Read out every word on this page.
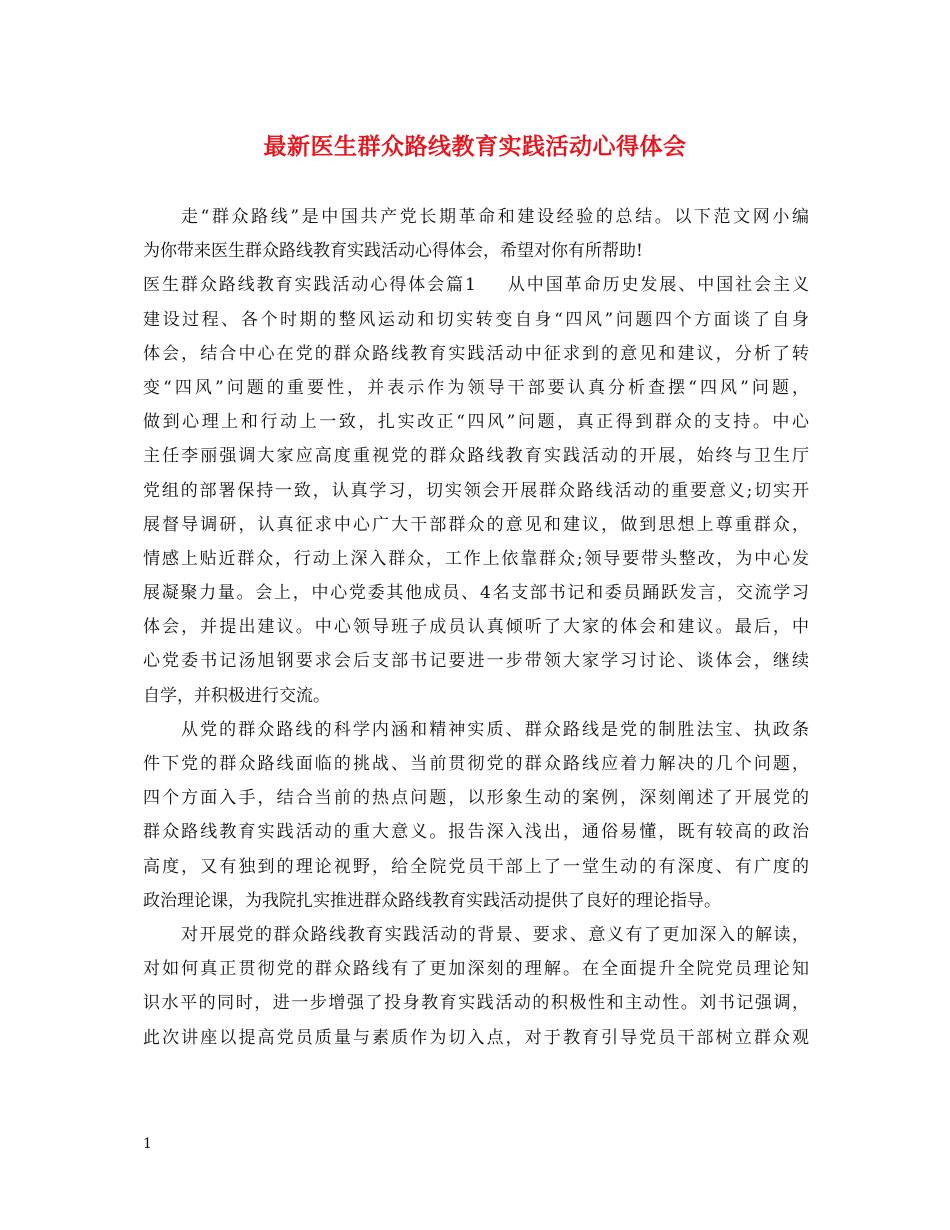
最新医生群众路线教育实践活动心得体会
走“群众路线”是中国共产党长期革命和建设经验的总结。以下范文网小编
为你带来医生群众路线教育实践活动心得体会，希望对你有所帮助!
医生群众路线教育实践活动心得体会篇1 从中国革命历史发展、中国社会主义
建设过程、各个时期的整风运动和切实转变自身“四风”问题四个方面谈了自身
体会，结合中心在党的群众路线教育实践活动中征求到的意见和建议，分析了转
变“四风”问题的重要性，并表示作为领导干部要认真分析查摆“四风”问题，
做到心理上和行动上一致，扎实改正“四风”问题，真正得到群众的支持。中心
主任李丽强调大家应高度重视党的群众路线教育实践活动的开展，始终与卫生厅
党组的部署保持一致，认真学习，切实领会开展群众路线活动的重要意义;切实开
展督导调研，认真征求中心广大干部群众的意见和建议，做到思想上尊重群众，
情感上贴近群众，行动上深入群众，工作上依靠群众;领导要带头整改，为中心发
展凝聚力量。会上，中心党委其他成员、4名支部书记和委员踊跃发言，交流学习
体会，并提出建议。中心领导班子成员认真倾听了大家的体会和建议。最后，中
心党委书记汤旭钢要求会后支部书记要进一步带领大家学习讨论、谈体会，继续
自学，并积极进行交流。
从党的群众路线的科学内涵和精神实质、群众路线是党的制胜法宝、执政条
件下党的群众路线面临的挑战、当前贯彻党的群众路线应着力解决的几个问题，
四个方面入手，结合当前的热点问题，以形象生动的案例，深刻阐述了开展党的
群众路线教育实践活动的重大意义。报告深入浅出，通俗易懂，既有较高的政治
高度，又有独到的理论视野，给全院党员干部上了一堂生动的有深度、有广度的
政治理论课，为我院扎实推进群众路线教育实践活动提供了良好的理论指导。
对开展党的群众路线教育实践活动的背景、要求、意义有了更加深入的解读，
对如何真正贯彻党的群众路线有了更加深刻的理解。在全面提升全院党员理论知
识水平的同时，进一步增强了投身教育实践活动的积极性和主动性。刘书记强调，
此次讲座以提高党员质量与素质作为切入点，对于教育引导党员干部树立群众观
1
